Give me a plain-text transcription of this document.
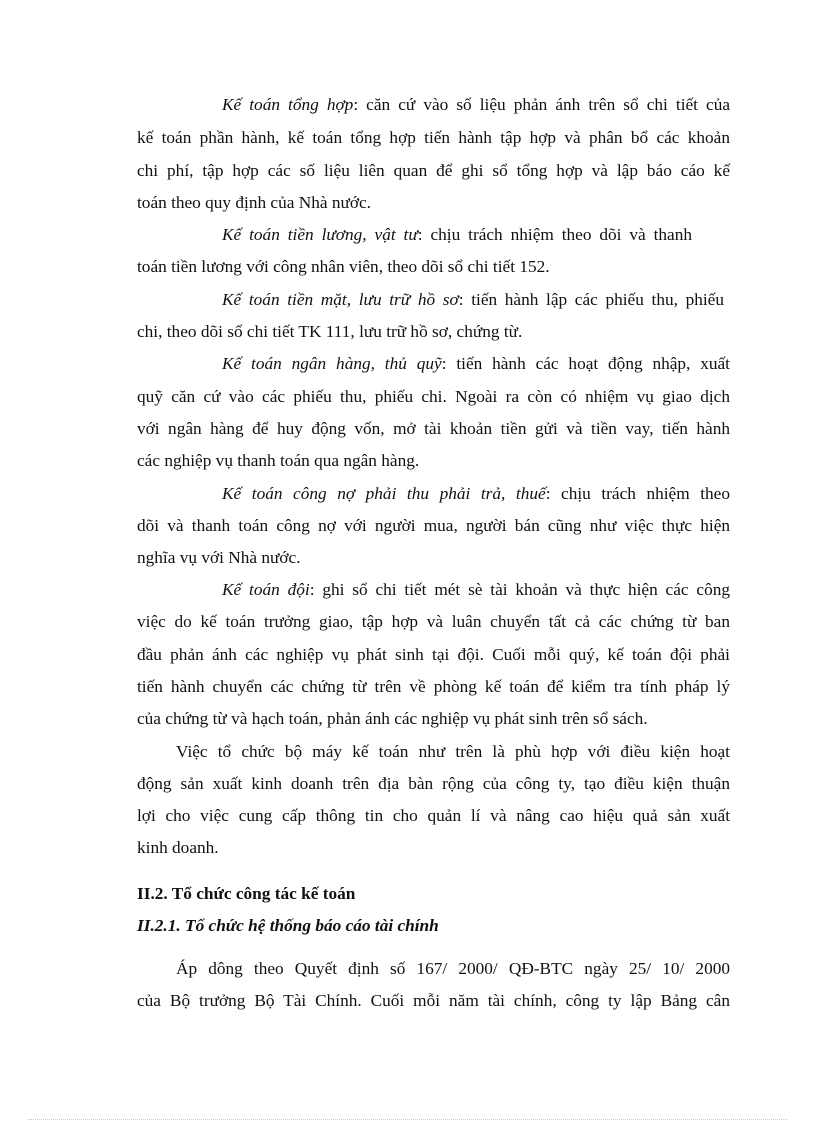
Kế toán tổng hợp: căn cứ vào số liệu phản ánh trên sổ chi tiết của
kế toán phần hành, kế toán tổng hợp tiến hành tập hợp và phân bổ các khoản
chi phí, tập hợp các số liệu liên quan để ghi sổ tổng hợp và lập báo cáo kế
toán theo quy định của Nhà nước.
Kế toán tiền lương, vật tư: chịu trách nhiệm theo dõi và thanh
toán tiền lương với công nhân viên, theo dõi sổ chi tiết 152.
Kế toán tiền mặt, lưu trữ hồ sơ: tiến hành lập các phiếu thu, phiếu
chi, theo dõi sổ chi tiết TK 111, lưu trữ hồ sơ, chứng từ.
Kế toán ngân hàng, thủ quỹ: tiến hành các hoạt động nhập, xuất
quỹ căn cứ vào các phiếu thu, phiếu chi. Ngoài ra còn có nhiệm vụ giao dịch
với ngân hàng để huy động vốn, mở tài khoản tiền gửi và tiền vay, tiến hành
các nghiệp vụ thanh toán qua ngân hàng.
Kế toán công nợ phải thu phải trả, thuế: chịu trách nhiệm theo
dõi và thanh toán công nợ với người mua, người bán cũng như việc thực hiện
nghĩa vụ với Nhà nước.
Kế toán đội: ghi sổ chi tiết mét sè tài khoản và thực hiện các công
việc do kế toán trưởng giao, tập hợp và luân chuyển tất cả các chứng từ ban
đầu phản ánh các nghiệp vụ phát sinh tại đội. Cuối mỗi quý, kế toán đội phải
tiến hành chuyển các chứng từ trên về phòng kế toán để kiểm tra tính pháp lý
của chứng từ và hạch toán, phản ánh các nghiệp vụ phát sinh trên sổ sách.
Việc tổ chức bộ máy kế toán như trên là phù hợp với điều kiện hoạt
động sản xuất kinh doanh trên địa bàn rộng của công ty, tạo điều kiện thuận
lợi cho việc cung cấp thông tin cho quản lí và nâng cao hiệu quả sản xuất
kinh doanh.
II.2. Tổ chức công tác kế toán
II.2.1. Tổ chức hệ thống báo cáo tài chính
Áp dông theo Quyết định số 167/ 2000/ QĐ-BTC ngày 25/ 10/ 2000
của Bộ trưởng Bộ Tài Chính. Cuối mỗi năm tài chính, công ty lập Bảng cân
